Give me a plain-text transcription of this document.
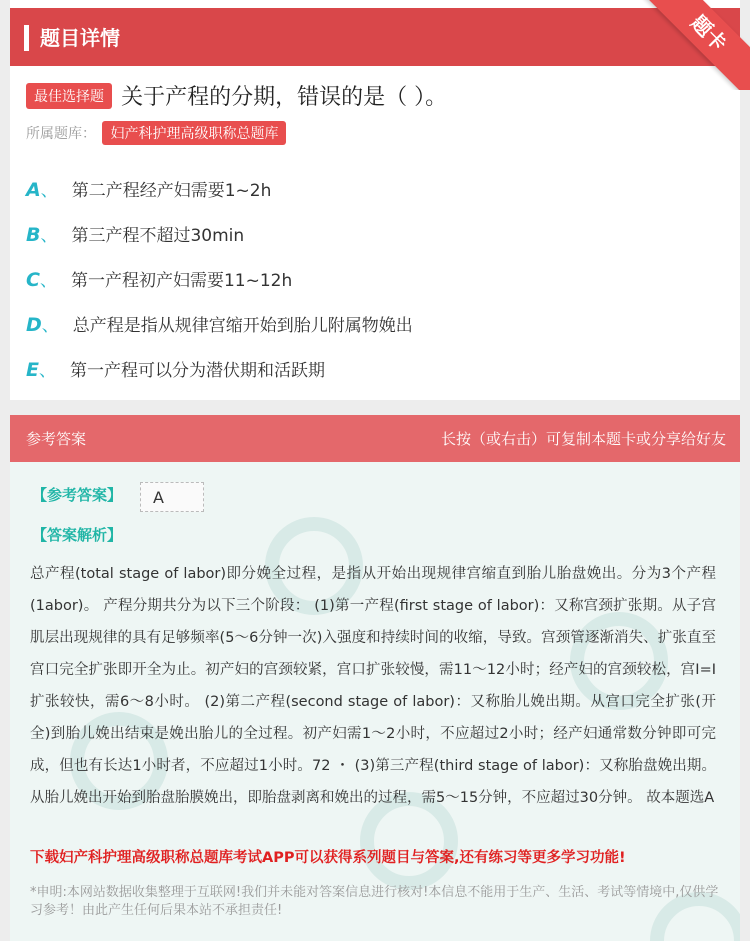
题目详情	题卡
最佳选择题 关于产程的分期，错误的是（ ）。
所属题库： 妇产科护理高级职称总题库
A、 第二产程经产妇需要1~2h
B、 第三产程不超过30min
C、 第一产程初产妇需要11~12h
D、 总产程是指从规律宫缩开始到胎儿附属物娩出
E、 第一产程可以分为潜伏期和活跃期
参考答案	长按（或右击）可复制本题卡或分享给好友
【参考答案】	A
【答案解析】
总产程(total stage of labor)即分娩全过程，是指从开始出现规律宫缩直到胎儿胎盘娩出。分为3个产程(1abor)。 产程分期共分为以下三个阶段： (1)第一产程(first stage of labor)：又称宫颈扩张期。从子宫肌层出现规律的具有足够频率(5～6分钟一次)入强度和持续时间的收缩，导致。宫颈管逐渐消失、扩张直至宫口完全扩张即开全为止。初产妇的宫颈较紧，宫口扩张较慢，需11～12小时；经产妇的宫颈较松，宫I=I扩张较快，需6～8小时。 (2)第二产程(second stage of labor)：又称胎儿娩出期。从宫口完全扩张(开全)到胎儿娩出结束是娩出胎儿的全过程。初产妇需1～2小时，不应超过2小时；经产妇通常数分钟即可完成，但也有长达1小时者，不应超过1小时。72 ・ (3)第三产程(third stage of labor)：又称胎盘娩出期。从胎儿娩出开始到胎盘胎膜娩出，即胎盘剥离和娩出的过程，需5～15分钟，不应超过30分钟。 故本题选A
下载妇产科护理高级职称总题库考试APP可以获得系列题目与答案,还有练习等更多学习功能!
*申明:本网站数据收集整理于互联网!我们并未能对答案信息进行核对!本信息不能用于生产、生活、考试等情境中,仅供学习参考！由此产生任何后果本站不承担责任!
